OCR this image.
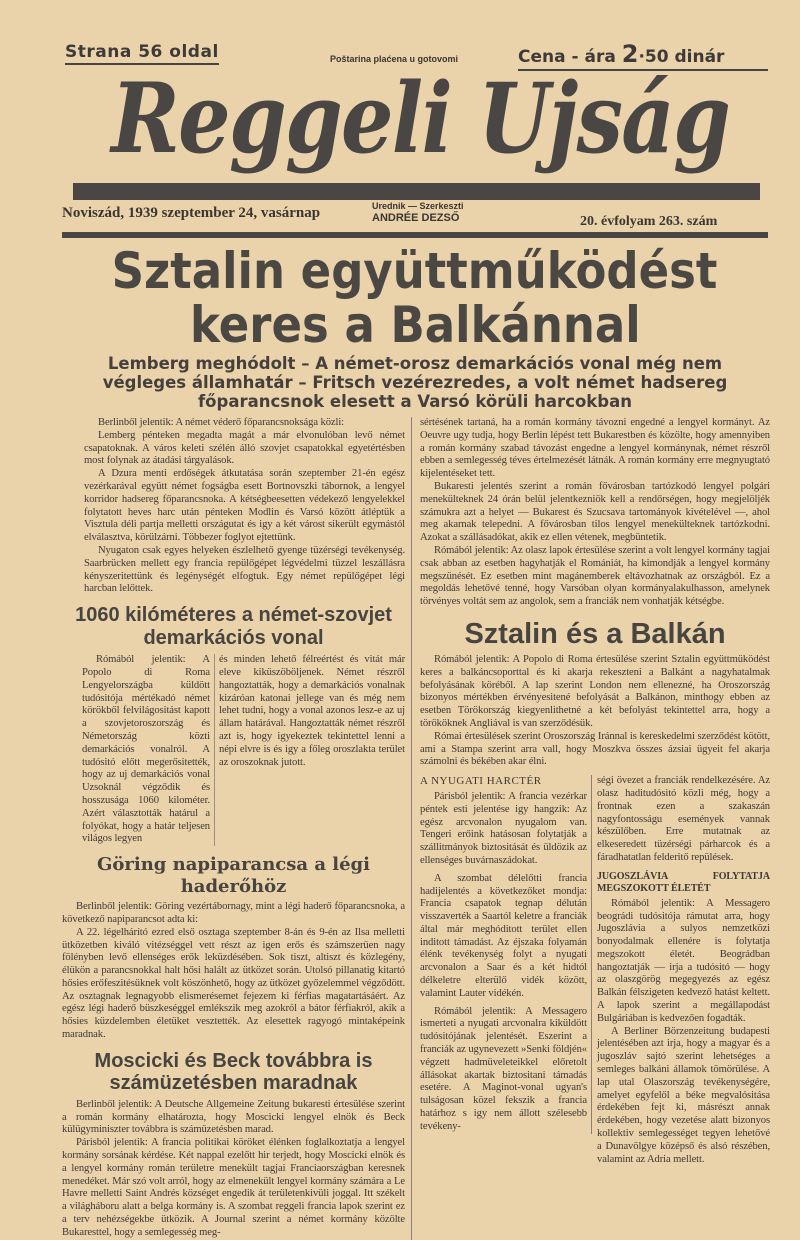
Strana 56 oldal	Poštarina plaćena u gotovomi	Cena - ára 2·50 dinár
Reggeli Ujság
Noviszád, 1939 szeptember 24, vasárnap	Urednik — Szerkeszti
ANDRÉE DEZSŐ	20. évfolyam 263. szám
Sztalin együttműködést
keres a Balkánnal
Lemberg meghódolt – A német-orosz demarkációs vonal még nem végleges államhatár – Fritsch vezérezredes, a volt német hadsereg főparancsnok elesett a Varsó körüli harcokban

Berlinből jelentik: A német véderő főparancsnoksága közli:

Lemberg pénteken megadta magát a már elvonulóban levő német csapatoknak. A város keleti szélén álló szovjet csapatokkal egyetértésben most folynak az átadási tárgyalások.

A Dzura menti erdőségek átkutatása során szeptember 21-én egész vezérkarával együtt német fogságba esett Bortnovszki tábornok, a lengyel korridor hadsereg főparancsnoka. A kétségbeesetten védekező lengyelekkel folytatott heves harc után pénteken Modlin és Varsó között átléptük a Visztula déli partja melletti országutat és igy a két várost sikerült egymástól elválasztva, körülzárni. Többezer foglyot ejtettünk.

Nyugaton csak egyes helyeken észlelhető gyenge tüzérségi tevékenység. Saarbrücken mellett egy francia repülőgépet légvédelmi tüzzel leszállásra kényszeritettünk és legénységét elfogtuk. Egy német repülőgépet légi harcban lelőttek.

1060 kilóméteres a német-szovjet demarkációs vonal

Rómából jelentik: A Popolo di Roma Lengyelországba küldött tudósitója mértékadó német körökből felvilágositást kapott a szovjetoroszország és Németország közti demarkációs vonalról. A tudósitó előtt megerősitették, hogy az uj demarkációs vonal Uzsoknál végződik és hosszusága 1060 kilométer. Azért választották határul a folyókat, hogy a határ teljesen világos legyen

és minden lehető félreértést és vitát már eleve kiküszöböljenek. Német részről hangoztatták, hogy a demarkációs vonalnak kizáróan katonai jellege van és még nem lehet tudni, hogy a vonal azonos lesz-e az uj állam határával. Hangoztatták német részről azt is, hogy igyekeztek tekintettel lenni a népi elvre is és igy a főleg oroszlakta terület az oroszoknak jutott.

Göring napiparancsa a légi haderőhöz

Berlinből jelentik: Göring vezértábornagy, mint a légi haderő főparancsnoka, a következő napiparancsot adta ki:

A 22. légelhárító ezred első osztaga szeptember 8-án és 9-én az Ilsa melletti ütközetben kiváló vitézséggel vett részt az igen erős és számszerüen nagy fölényben levő ellenséges erők leküzdésében. Sok tiszt, altiszt és közlegény, élükön a parancsnokkal halt hősi halált az ütközet során. Utolsó pillanatig kitartó hősies erőfeszitésüknek volt köszönhető, hogy az ütközet győzelemmel végződött. Az osztagnak legnagyobb elismerésemet fejezem ki férfias magatartásáért. Az egész légi haderő büszkeséggel emlékszik meg azokról a bátor férfiakról, akik a hősies küzdelemben életüket vesztették. Az elesettek ragyogó mintaképeink maradnak.

Moscicki és Beck továbbra is számüzetésben maradnak

Berlinből jelentik: A Deutsche Allgemeine Zeitung bukaresti értesülése szerint a román kormány elhatározta, hogy Moscicki lengyel elnök és Beck külügyminiszter továbbra is számüzetésben marad.

Párisból jelentik: A francia politikai köröket élénken foglalkoztatja a lengyel kormány sorsának kérdése. Két nappal ezelőtt hir terjedt, hogy Moscicki elnök és a lengyel kormány román területre menekült tagjai Franciaországban keresnek menedéket. Már szó volt arról, hogy az elmenekült lengyel kormány számára a Le Havre melletti Saint Andrés községet engedik át területenkivüli joggal. Itt székelt a világháboru alatt a belga kormány is. A szombat reggeli francia lapok szerint ez a terv nehézségekbe ütközik. A Journal szerint a német kormány közölte Bukaresttel, hogy a semlegesség meg-

sértésének tartaná, ha a román kormány távozni engedné a lengyel kormányt. Az Oeuvre ugy tudja, hogy Berlin lépést tett Bukarestben és közölte, hogy amennyiben a román kormány szabad távozást engedne a lengyel kormánynak, német részről ebben a semlegesség téves értelmezését látnák. A román kormány erre megnyugtató kijelentéseket tett.

Bukaresti jelentés szerint a román fővárosban tartózkodó lengyel polgári menekülteknek 24 órán belül jelentkezniök kell a rendőrségen, hogy megjelöljék számukra azt a helyet — Bukarest és Szucsava tartományok kivételével —, ahol meg akarnak telepedni. A fővárosban tilos lengyel menekülteknek tartózkodni. Azokat a szállásadókat, akik ez ellen vétenek, megbüntetik.

Rómából jelentik: Az olasz lapok értesülése szerint a volt lengyel kormány tagjai csak abban az esetben hagyhatják el Romániát, ha kimondják a lengyel kormány megszünését. Ez esetben mint magánemberek eltávozhatnak az országból. Ez a megoldás lehetővé tenné, hogy Varsóban olyan kormányalakulhasson, amelynek törvényes voltát sem az angolok, sem a franciák nem vonhatják kétségbe.

Sztalin és a Balkán

Rómából jelentik: A Popolo di Roma értesülése szerint Sztalin együttmüködést keres a balkáncsoporttal és ki akarja rekeszteni a Balkánt a nagyhatalmak befolyásának köréből. A lap szerint London nem ellenezné, ha Oroszország bizonyos mértékben érvényesitené befolyását a Balkánon, minthogy ebben az esetben Törökország kiegyenlithetné a két befolyást tekintettel arra, hogy a törököknek Angliával is van szerződésük.

Római értesülések szerint Oroszország Iránnal is kereskedelmi szerződést kötött, ami a Stampa szerint arra vall, hogy Moszkva összes ázsiai ügyeit fel akarja számolni és békében akar élni.

A NYUGATI HARCTÉR

Párisból jelentik: A francia vezérkar péntek esti jelentése igy hangzik: Az egész arcvonalon nyugalom van. Tengeri erőink hatásosan folytatják a szállitmányok biztositását és üldözik az ellenséges buvárnaszádokat.

A szombat délelőtti francia hadijelentés a következőket mondja: Francia csapatok tegnap délután visszaverték a Saartól keletre a franciák által már meghóditott terület ellen inditott támadást. Az éjszaka folyamán élénk tevékenység folyt a nyugati arcvonalon a Saar és a két hidtól délkeletre elterülő vidék között, valamint Lauter vidékén.

Rómából jelentik: A Messagero ismerteti a nyugati arcvonalra kiküldött tudósitójának jelentését. Eszerint a franciák az ugynevezett »Senki földjén« végzett hadmüveleteikkel előretolt állásokat akartak biztositani támadás esetére. A Maginot-vonal ugyan's tulságosan közel fekszik a francia határhoz s igy nem állott szélesebb tevékeny-

ségi övezet a franciák rendelkezésére. Az olasz haditudósitó közli még, hogy a frontnak ezen a szakaszán nagyfontosságu események vannak készülőben. Erre mutatnak az elkeseredett tüzérségi párharcok és a fáradhatatlan felderitő repülések.

JUGOSZLÁVIA FOLYTATJA MEGSZOKOTT ÉLETÉT

Rómából jelentik: A Messagero beográdi tudósitója rámutat arra, hogy Jugoszlávia a sulyos nemzetközi bonyodalmak ellenére is folytatja megszokott életét. Beográdban hangoztatják — irja a tudósitó — hogy az olaszgörög megegyezés az egész Balkán félszigeten kedvező hatást keltett. A lapok szerint a megállapodást Bulgáriában is kedvezően fogadták.

A Berliner Börzenzeitung budapesti jelentésében azt irja, hogy a magyar és a jugoszláv sajtó szerint lehetséges a semleges balkáni államok tömörülése. A lap utal Olaszország tevékenységére, amelyet egyfelől a béke megvalósitása érdekében fejt ki, másrészt annak érdekében, hogy vezetése alatt bizonyos kollektiv semlegességet tegyen lehetővé a Dunavölgye középső és alsó részében, valamint az Adria mellett.
